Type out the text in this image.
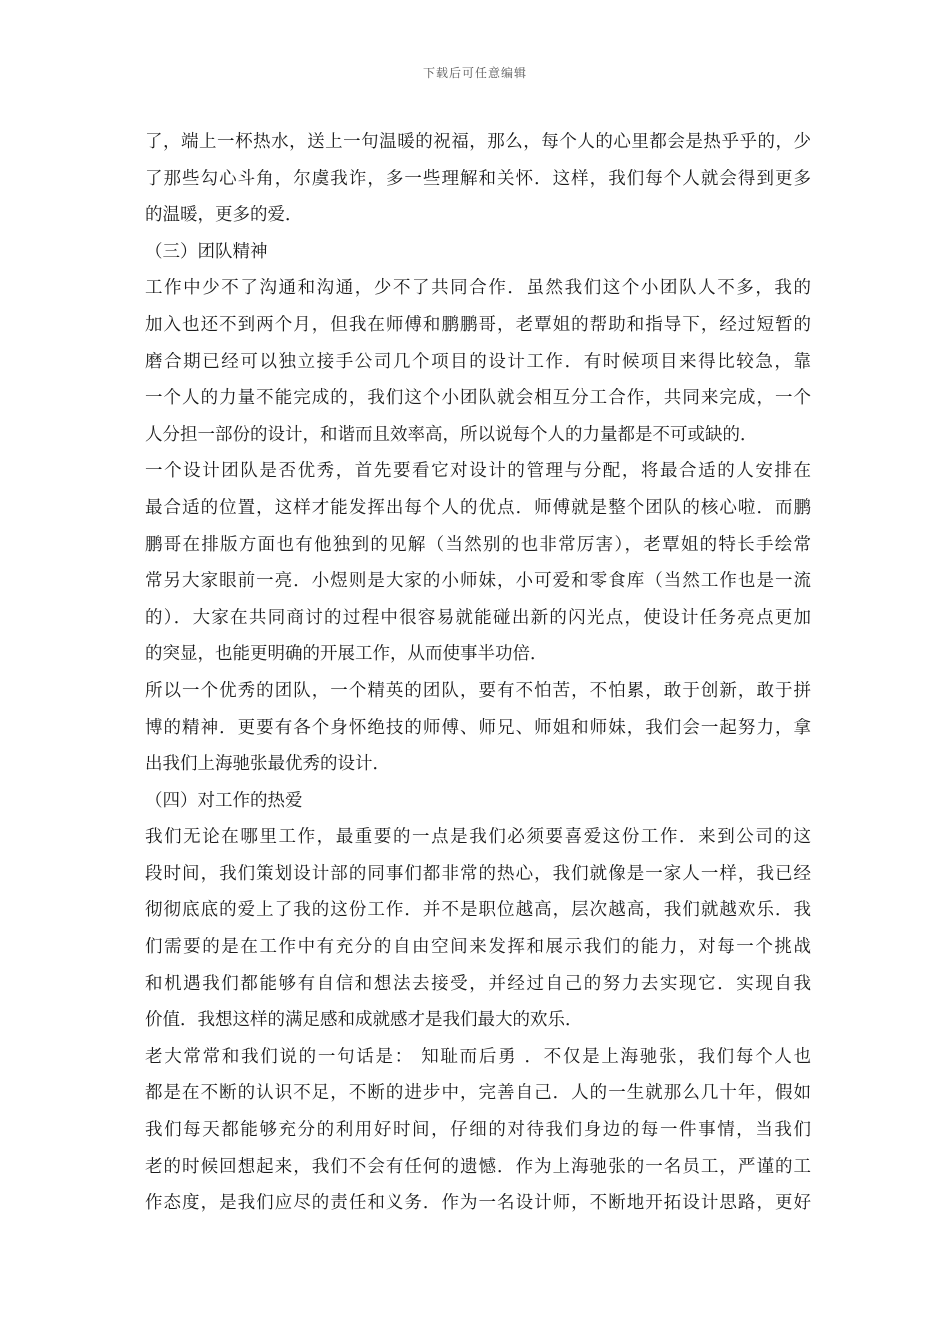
下载后可任意编辑
了，端上一杯热水，送上一句温暖的祝福，那么，每个人的心里都会是热乎乎的，少
了那些勾心斗角，尔虞我诈，多一些理解和关怀．这样，我们每个人就会得到更多
的温暖，更多的爱．
（三）团队精神
工作中少不了沟通和沟通，少不了共同合作．虽然我们这个小团队人不多，我的
加入也还不到两个月，但我在师傅和鹏鹏哥，老覃姐的帮助和指导下，经过短暂的
磨合期已经可以独立接手公司几个项目的设计工作．有时候项目来得比较急，靠
一个人的力量不能完成的，我们这个小团队就会相互分工合作，共同来完成，一个
人分担一部份的设计，和谐而且效率高，所以说每个人的力量都是不可或缺的．
一个设计团队是否优秀，首先要看它对设计的管理与分配，将最合适的人安排在
最合适的位置，这样才能发挥出每个人的优点．师傅就是整个团队的核心啦．而鹏
鹏哥在排版方面也有他独到的见解（当然别的也非常厉害），老覃姐的特长手绘常
常另大家眼前一亮．小煜则是大家的小师妹，小可爱和零食库（当然工作也是一流
的）．大家在共同商讨的过程中很容易就能碰出新的闪光点，使设计任务亮点更加
的突显，也能更明确的开展工作，从而使事半功倍．
所以一个优秀的团队，一个精英的团队，要有不怕苦，不怕累，敢于创新，敢于拼
博的精神．更要有各个身怀绝技的师傅、师兄、师姐和师妹，我们会一起努力，拿
出我们上海驰张最优秀的设计．
（四）对工作的热爱
我们无论在哪里工作，最重要的一点是我们必须要喜爱这份工作．来到公司的这
段时间，我们策划设计部的同事们都非常的热心，我们就像是一家人一样，我已经
彻彻底底的爱上了我的这份工作．并不是职位越高，层次越高，我们就越欢乐．我
们需要的是在工作中有充分的自由空间来发挥和展示我们的能力，对每一个挑战
和机遇我们都能够有自信和想法去接受，并经过自己的努力去实现它．实现自我
价值．我想这样的满足感和成就感才是我们最大的欢乐．
老大常常和我们说的一句话是： 知耻而后勇 ．不仅是上海驰张，我们每个人也
都是在不断的认识不足，不断的进步中，完善自己．人的一生就那么几十年，假如
我们每天都能够充分的利用好时间，仔细的对待我们身边的每一件事情，当我们
老的时候回想起来，我们不会有任何的遗憾．作为上海驰张的一名员工，严谨的工
作态度，是我们应尽的责任和义务．作为一名设计师，不断地开拓设计思路，更好
